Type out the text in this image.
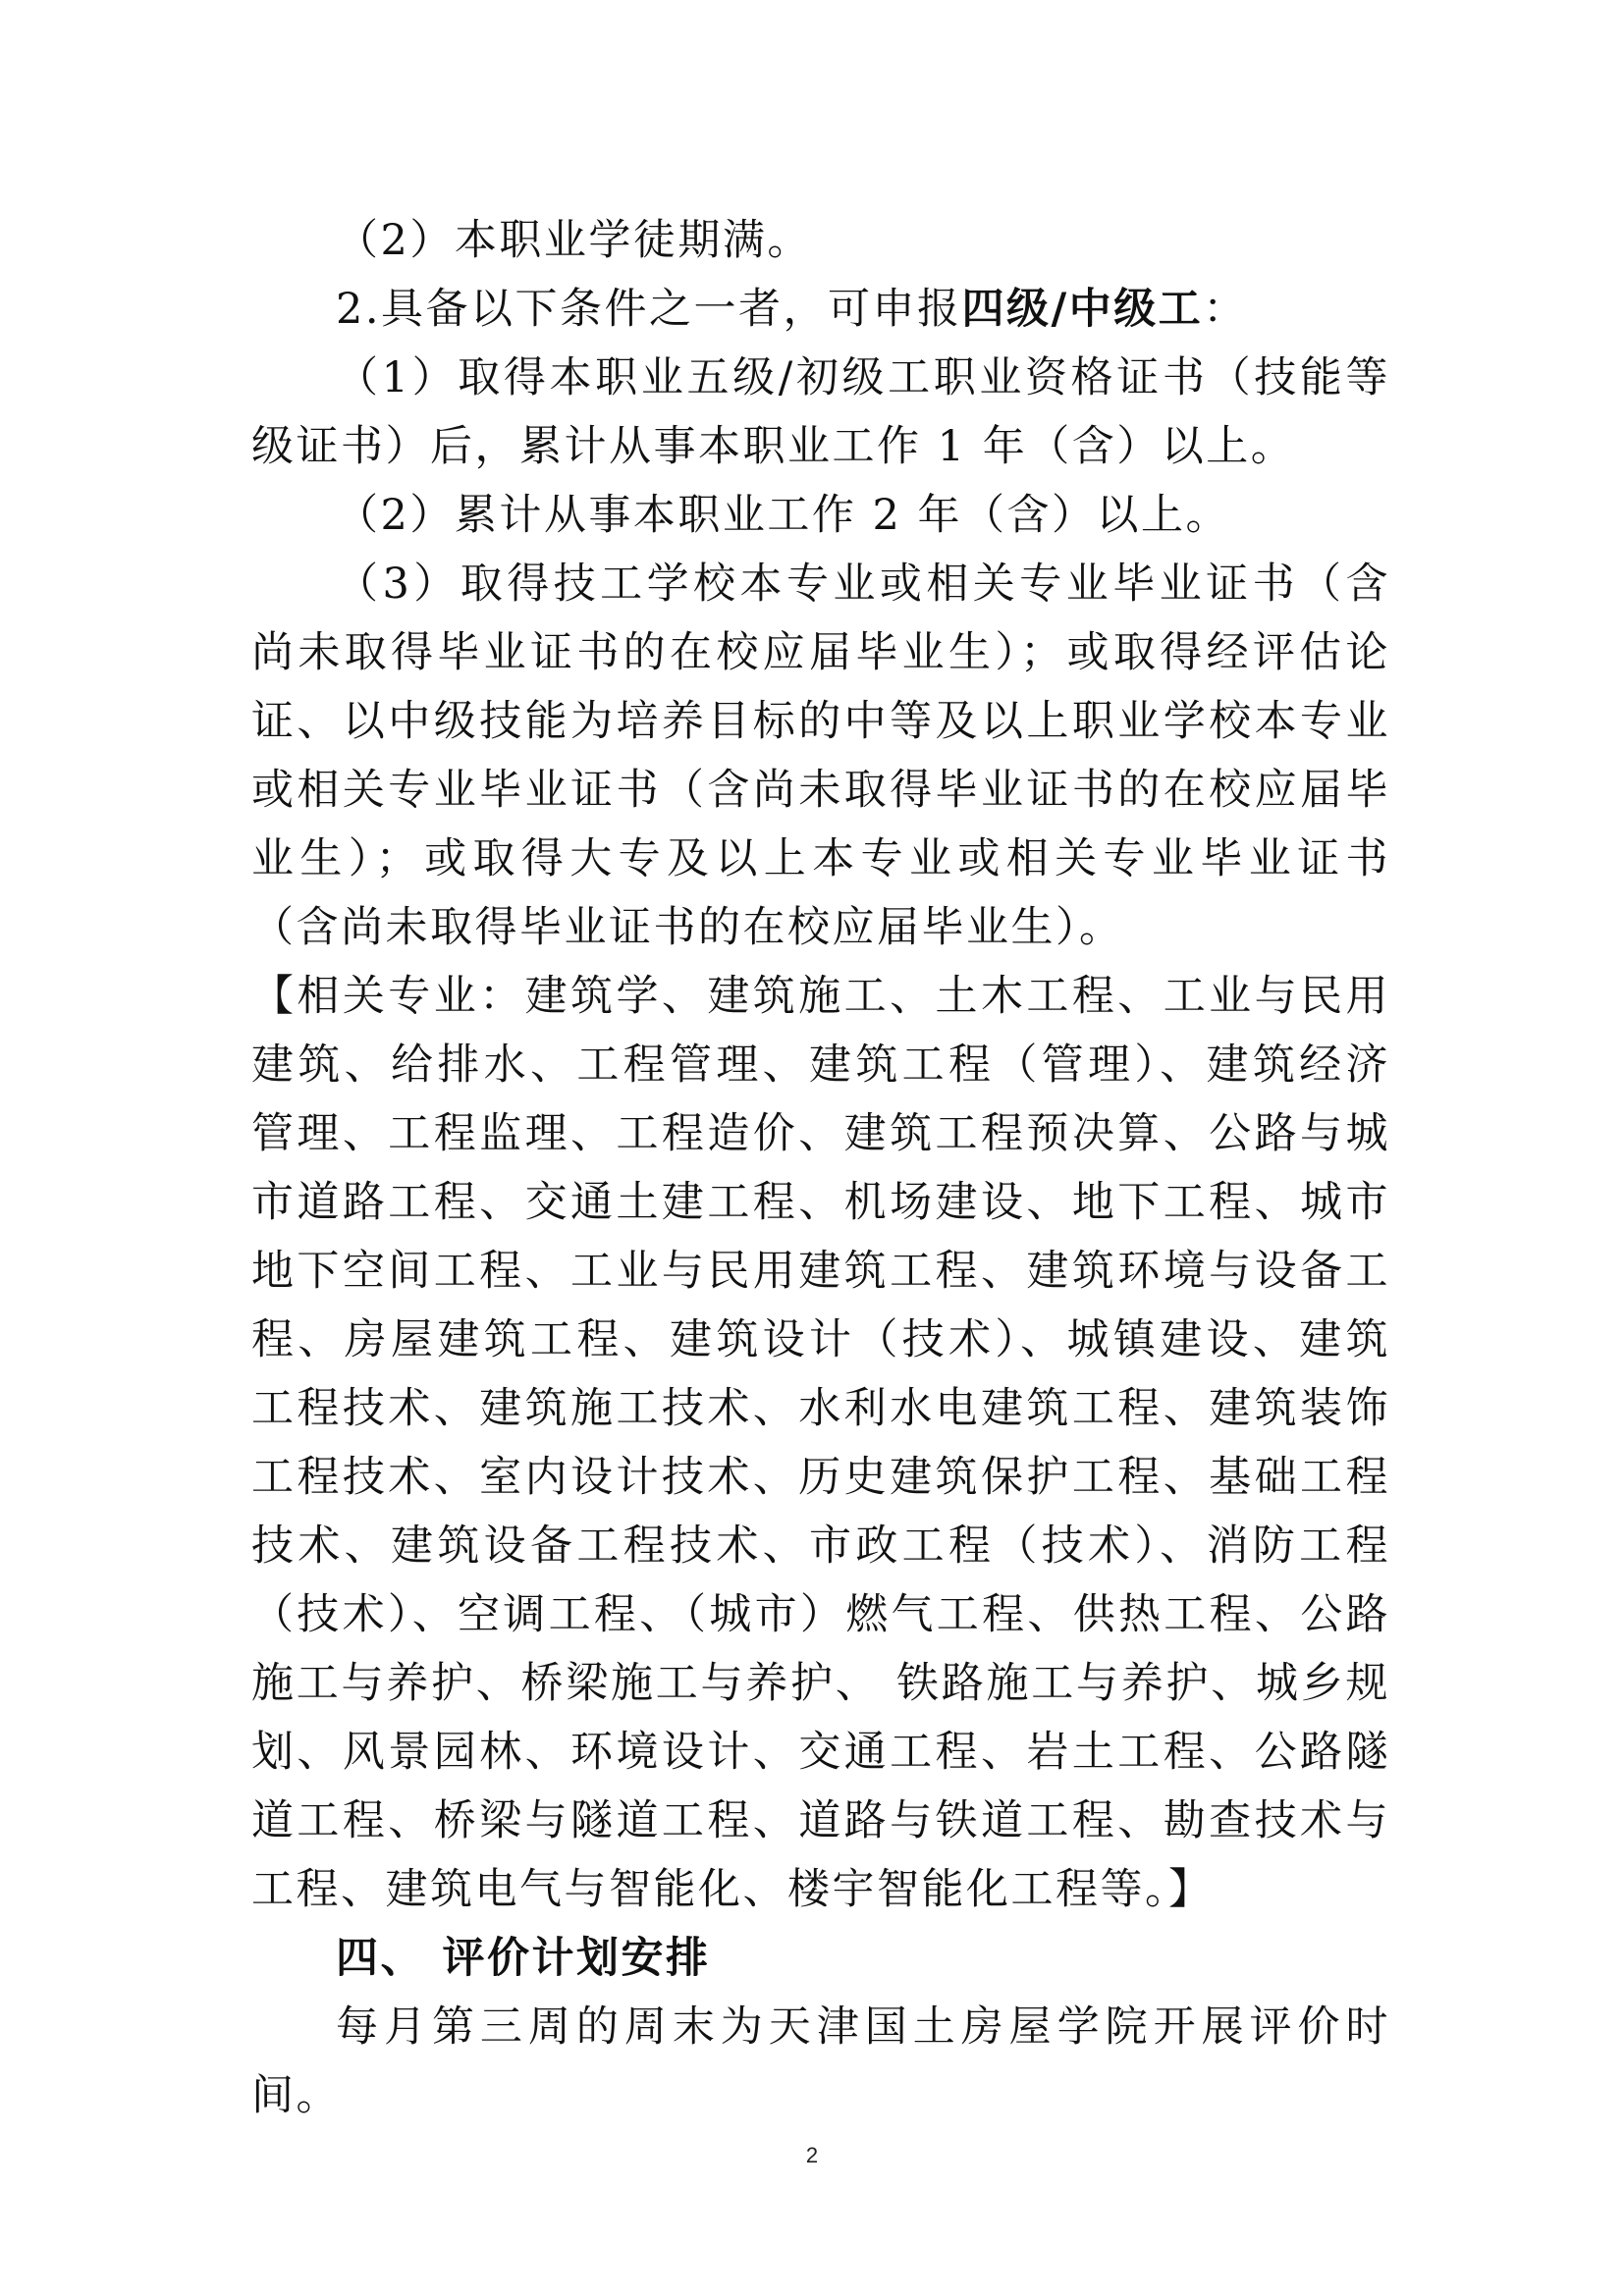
（2）本职业学徒期满。

2.具备以下条件之一者，可申报四级/中级工：

（1）取得本职业五级/初级工职业资格证书（技能等级证书）后，累计从事本职业工作 1 年（含）以上。

（2）累计从事本职业工作 2 年（含）以上。

（3）取得技工学校本专业或相关专业毕业证书（含尚未取得毕业证书的在校应届毕业生）；或取得经评估论证、以中级技能为培养目标的中等及以上职业学校本专业或相关专业毕业证书（含尚未取得毕业证书的在校应届毕业生）；或取得大专及以上本专业或相关专业毕业证书（含尚未取得毕业证书的在校应届毕业生）。

【相关专业：建筑学、建筑施工、土木工程、工业与民用建筑、给排水、工程管理、建筑工程（管理）、建筑经济管理、工程监理、工程造价、建筑工程预决算、公路与城市道路工程、交通土建工程、机场建设、地下工程、城市地下空间工程、工业与民用建筑工程、建筑环境与设备工程、房屋建筑工程、建筑设计（技术）、城镇建设、建筑工程技术、建筑施工技术、水利水电建筑工程、建筑装饰工程技术、室内设计技术、历史建筑保护工程、基础工程技术、建筑设备工程技术、市政工程（技术）、消防工程（技术）、空调工程、（城市）燃气工程、供热工程、公路施工与养护、桥梁施工与养护、 铁路施工与养护、城乡规划、风景园林、环境设计、交通工程、岩土工程、公路隧道工程、桥梁与隧道工程、道路与铁道工程、勘查技术与工程、建筑电气与智能化、楼宇智能化工程等。】

四、 评价计划安排

每月第三周的周末为天津国土房屋学院开展评价时间。

2
